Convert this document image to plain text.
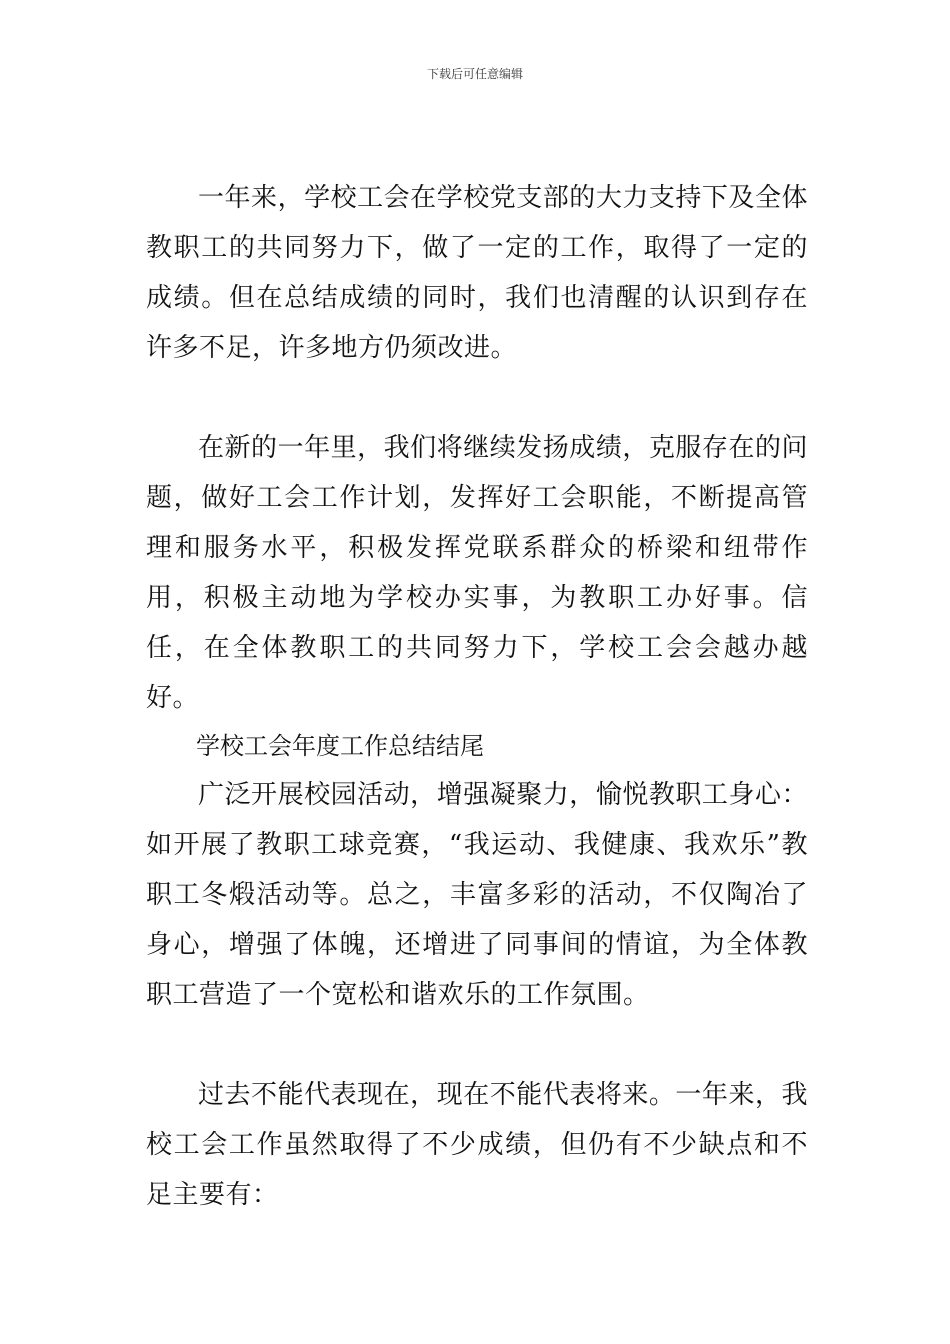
下载后可任意编辑

一年来，学校工会在学校党支部的大力支持下及全体教职工的共同努力下，做了一定的工作，取得了一定的成绩。但在总结成绩的同时，我们也清醒的认识到存在许多不足，许多地方仍须改进。

在新的一年里，我们将继续发扬成绩，克服存在的问题，做好工会工作计划，发挥好工会职能，不断提高管理和服务水平，积极发挥党联系群众的桥梁和纽带作用，积极主动地为学校办实事，为教职工办好事。信任，在全体教职工的共同努力下，学校工会会越办越好。

学校工会年度工作总结结尾

广泛开展校园活动，增强凝聚力，愉悦教职工身心：如开展了教职工球竞赛，“我运动、我健康、我欢乐”教职工冬煅活动等。总之，丰富多彩的活动，不仅陶冶了身心，增强了体魄，还增进了同事间的情谊，为全体教职工营造了一个宽松和谐欢乐的工作氛围。

过去不能代表现在，现在不能代表将来。一年来，我校工会工作虽然取得了不少成绩，但仍有不少缺点和不足主要有：
